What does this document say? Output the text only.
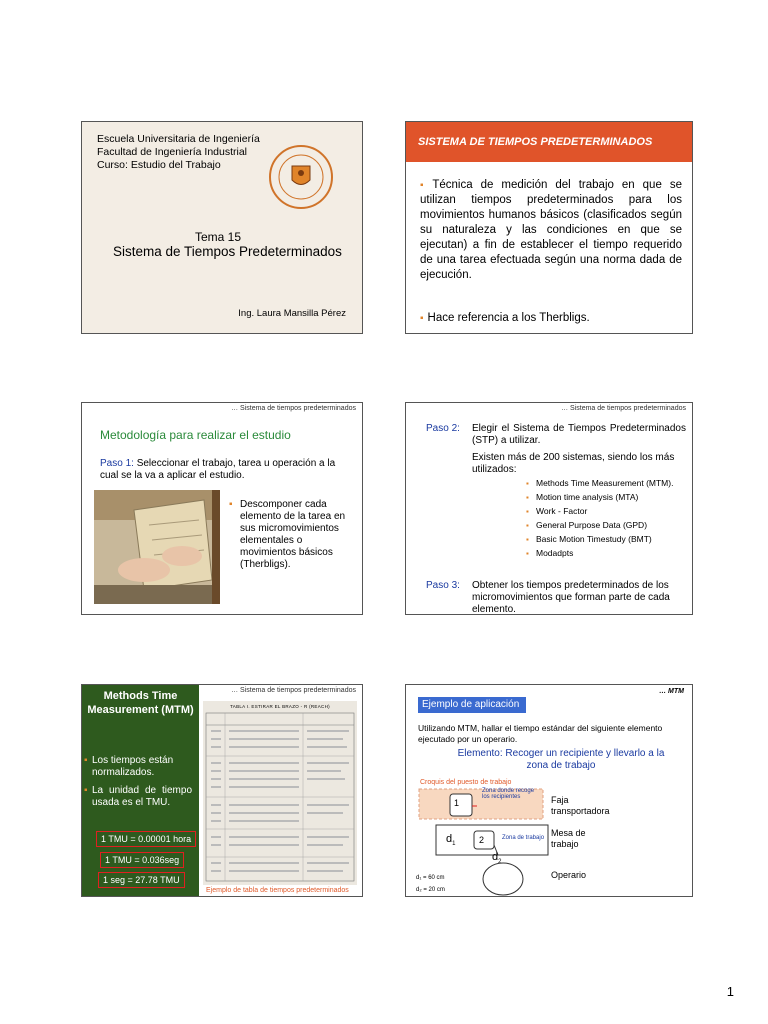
Escuela Universitaria de Ingeniería
Facultad de Ingeniería Industrial
Curso: Estudio del Trabajo
Tema 15
Sistema de Tiempos Predeterminados
Ing. Laura Mansilla Pérez
SISTEMA DE TIEMPOS PREDETERMINADOS
▪ Técnica de medición del trabajo en que se utilizan tiempos predeterminados para los movimientos humanos básicos (clasificados según su naturaleza y las condiciones en que se ejecutan) a fin de establecer el tiempo requerido de una tarea efectuada según una norma dada de ejecución.
▪ Hace referencia a los Therbligs.
… Sistema de tiempos predeterminados
Metodología para realizar el estudio
Paso 1: Seleccionar el trabajo, tarea u operación a la cual se la va a aplicar el estudio.
▪ Descomponer cada elemento de la tarea en sus micromovimientos elementales o movimientos básicos (Therbligs).
… Sistema de tiempos predeterminados
Paso 2: Elegir el Sistema de Tiempos Predeterminados (STP) a utilizar.
Existen más de 200 sistemas, siendo los más utilizados:
▪ Methods Time Measurement (MTM).
▪ Motion time analysis (MTA)
▪ Work - Factor
▪ General Purpose Data (GPD)
▪ Basic Motion Timestudy (BMT)
▪ Modadpts
Paso 3: Obtener los tiempos predeterminados de los micromovimientos que forman parte de cada elemento.
Methods Time Measurement (MTM)
▪ Los tiempos están normalizados.
▪ La unidad de tiempo usada es el TMU.
1 TMU = 0.00001 hora
1 TMU = 0.036seg
1 seg = 27.78 TMU
… Sistema de tiempos predeterminados
TABLA I. ESTIRAR EL BRAZO - R (REACH)
Ejemplo de tabla de tiempos predeterminados
… MTM
Ejemplo de aplicación
Utilizando MTM, hallar el tiempo estándar del siguiente elemento ejecutado por un operario.
Elemento: Recoger un recipiente y llevarlo a la zona de trabajo
Croquis del puesto de trabajo
Zona donde recoge los recipientes
1
2	Zona de trabajo
$d_1$
$d_2$
Faja transportadora
Mesa de trabajo
Operario
d₁ = 60 cm
d₂ = 20 cm
1
